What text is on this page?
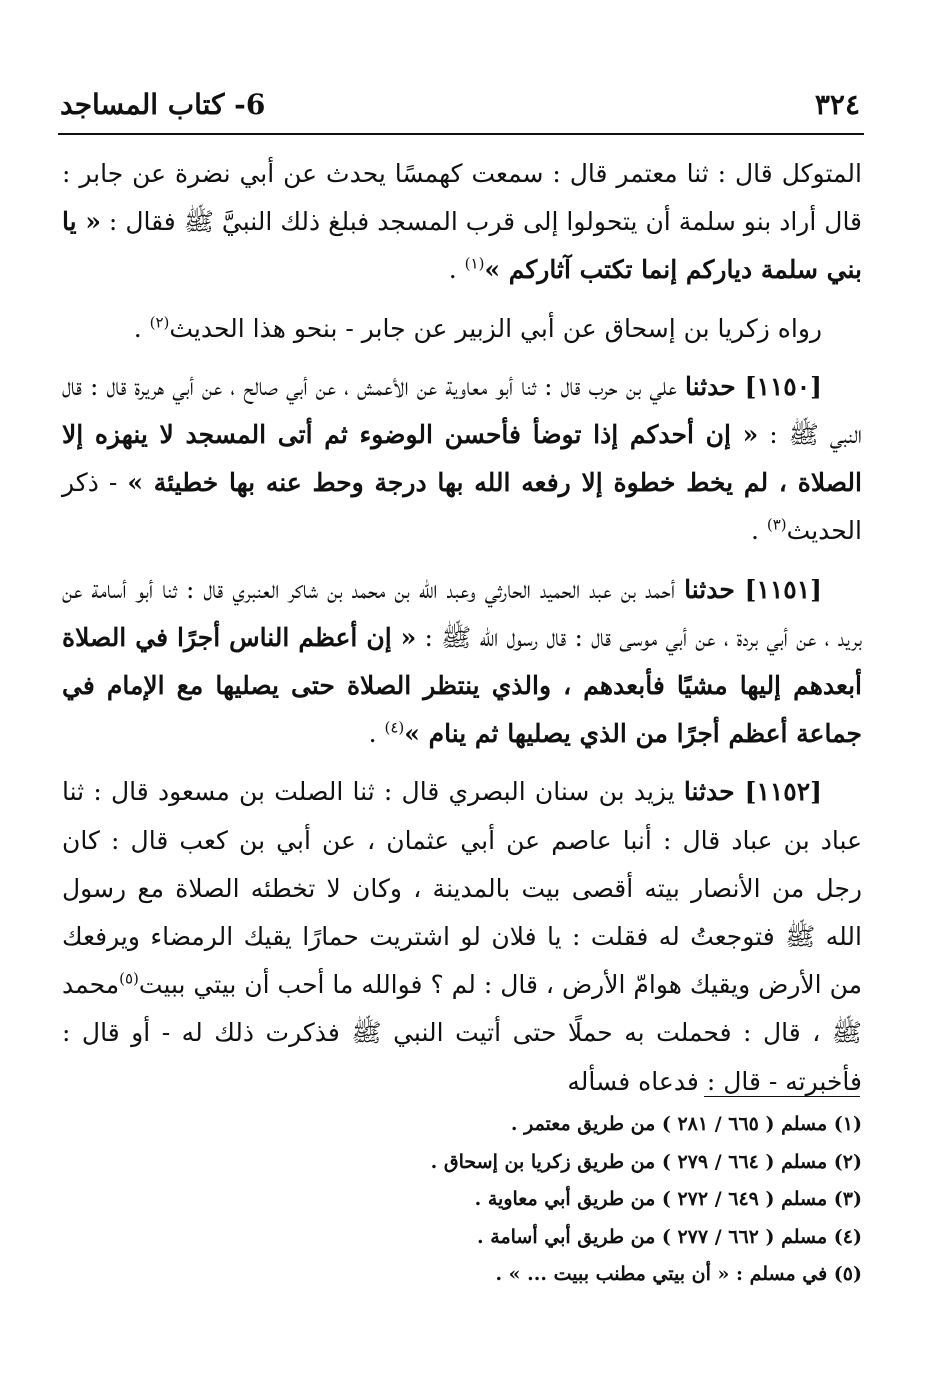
٣٢٤
6- كتاب المساجد

المتوكل قال : ثنا معتمر قال : سمعت كهمسًا يحدث عن أبي نضرة عن جابر : قال أراد بنو سلمة أن يتحولوا إلى قرب المسجد فبلغ ذلك النبيَّ ﷺ فقال : « يا بني سلمة دياركم إنما تكتب آثاركم »$^{(١)}$ .

رواه زكريا بن إسحاق عن أبي الزبير عن جابر - بنحو هذا الحديث$^{(٢)}$ .

[١١٥٠] حدثنا علي بن حرب قال : ثنا أبو معاوية عن الأعمش ، عن أبي صالح ، عن أبي هريرة قال : قال النبي ﷺ : « إن أحدكم إذا توضأ فأحسن الوضوء ثم أتى المسجد لا ينهزه إلا الصلاة ، لم يخط خطوة إلا رفعه الله بها درجة وحط عنه بها خطيئة » - ذكر الحديث$^{(٣)}$ .

[١١٥١] حدثنا أحمد بن عبد الحميد الحارثي وعبد الله بن محمد بن شاكر العنبري قال : ثنا أبو أسامة عن بريد ، عن أبي بردة ، عن أبي موسى قال : قال رسول الله ﷺ : « إن أعظم الناس أجرًا في الصلاة أبعدهم إليها مشيًا فأبعدهم ، والذي ينتظر الصلاة حتى يصليها مع الإمام في جماعة أعظم أجرًا من الذي يصليها ثم ينام »$^{(٤)}$ .

[١١٥٢] حدثنا يزيد بن سنان البصري قال : ثنا الصلت بن مسعود قال : ثنا عباد بن عباد قال : أنبا عاصم عن أبي عثمان ، عن أبي بن كعب قال : كان رجل من الأنصار بيته أقصى بيت بالمدينة ، وكان لا تخطئه الصلاة مع رسول الله ﷺ فتوجعتُ له فقلت : يا فلان لو اشتريت حمارًا يقيك الرمضاء ويرفعك من الأرض ويقيك هوامّ الأرض ، قال : لم ؟ فوالله ما أحب أن بيتي ببيت$^{(٥)}$محمد ﷺ ، قال : فحملت به حملًا حتى أتيت النبي ﷺ فذكرت ذلك له - أو قال : فأخبرته - قال : فدعاه فسأله

(١) مسلم ( ٦٦٥ / ٢٨١ ) من طريق معتمر .
(٢) مسلم ( ٦٦٤ / ٢٧٩ ) من طريق زكريا بن إسحاق .
(٣) مسلم ( ٦٤٩ / ٢٧٢ ) من طريق أبي معاوية .
(٤) مسلم ( ٦٦٢ / ٢٧٧ ) من طريق أبي أسامة .
(٥) في مسلم : « أن بيتي مطنب ببيت ... » .
